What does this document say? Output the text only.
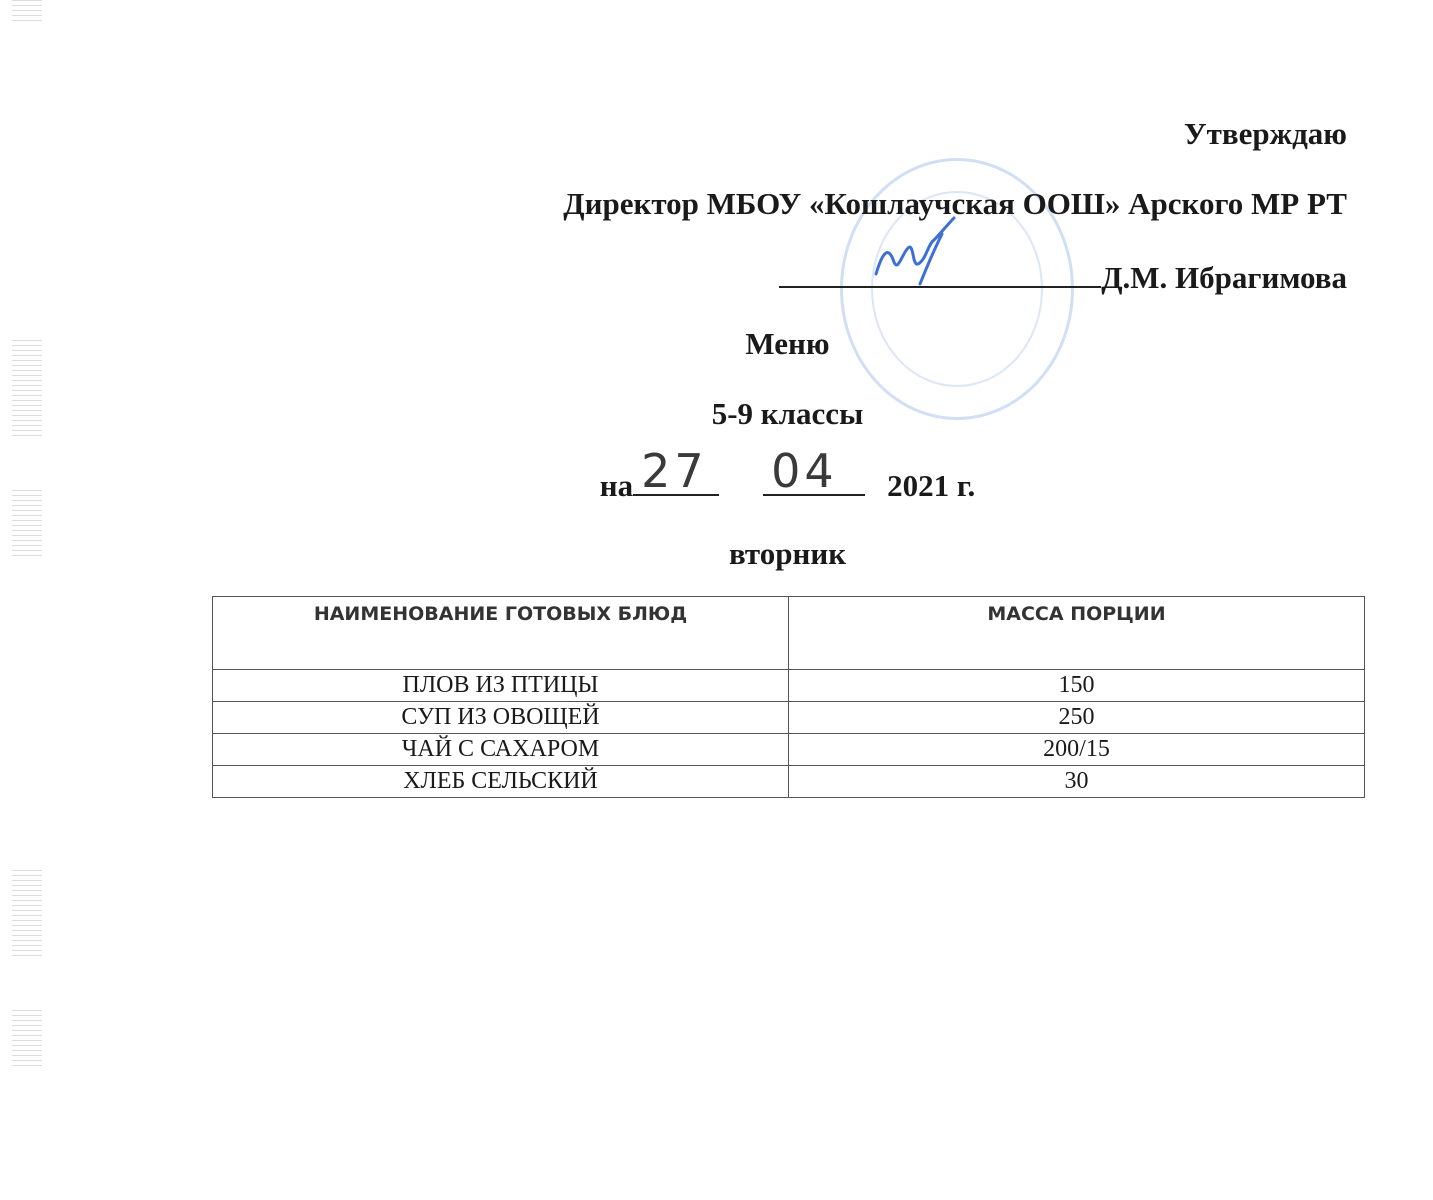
Утверждаю
Директор МБОУ «Кошлаучская ООШ» Арского МР РТ
Д.М. Ибрагимова
Меню
5-9 классы
на 27 04 2021 г.
вторник
НАИМЕНОВАНИЕ ГОТОВЫХ БЛЮД	МАССА ПОРЦИИ
ПЛОВ ИЗ ПТИЦЫ	150
СУП ИЗ ОВОЩЕЙ	250
ЧАЙ С САХАРОМ	200/15
ХЛЕБ СЕЛЬСКИЙ	30
